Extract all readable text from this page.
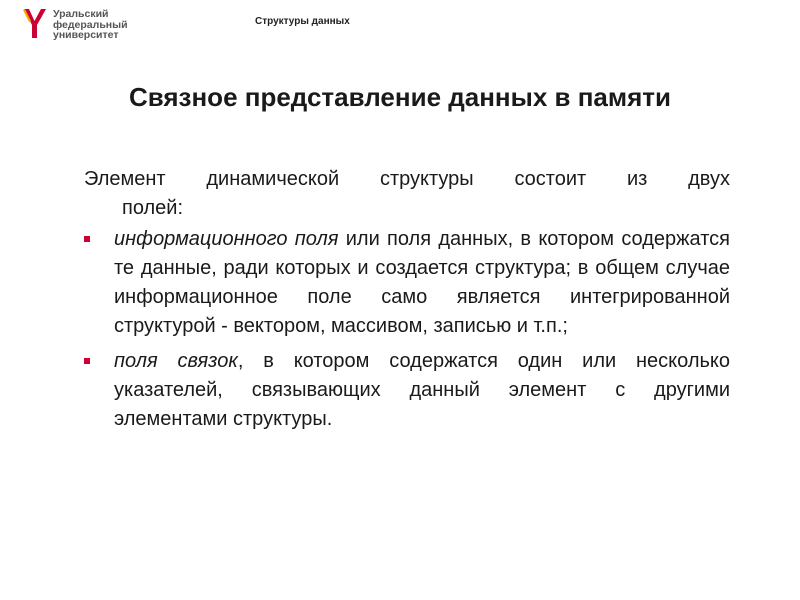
Уральский
федеральный
университет
Структуры данных
Связное представление данных в памяти
Элемент динамической структуры состоит из двух
полей:
информационного поля или поля данных, в котором содержатся те данные, ради которых и создается структура; в общем случае информационное поле само является интегрированной структурой - вектором, массивом, записью и т.п.;
поля связок, в котором содержатся один или несколько указателей, связывающих данный элемент с другими элементами структуры.
